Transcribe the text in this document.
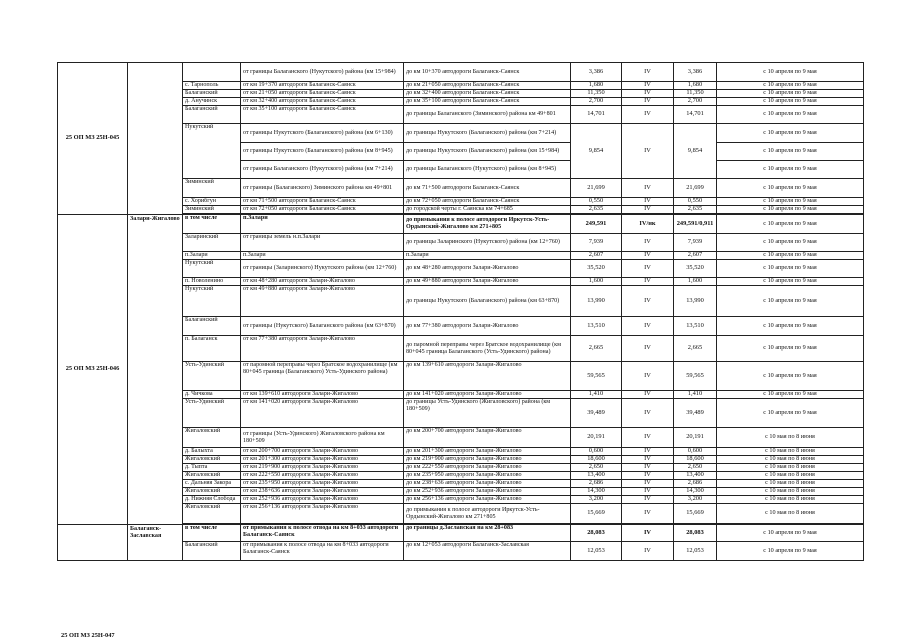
25 ОП МЗ 25Н-045			от границы Балаганского (Нукутского) района (км 15+984)	до км 10+370 автодороги Балаганск-Саянск	3,386	IV	3,386	с 10 апреля по 9 мая
		с. Тарнополь	от км 19+370 автодороги Балаганск-Саянск	до км 21+050 автодороги Балаганск-Саянск	1,680	IV	1,680	с 10 апреля по 9 мая
		Балаганский	от км 21+050 автодороги Балаганск-Саянск	до км 32+400 автодороги Балаганск-Саянск	11,350	IV	11,350	с 10 апреля по 9 мая
		д. Анучинск	от км 32+400 автодороги Балаганск-Саянск	до км 35+100 автодороги Балаганск-Саянск	2,700	IV	2,700	с 10 апреля по 9 мая
		Балаганский	от км 35+100 автодороги Балаганск-Саянск	до границы Балаганского (Зиминского) района км 49+801	14,701	IV	14,701	с 10 апреля по 9 мая
		Нукутский	от границы Нукутского (Балаганского) района (км 6+130)	до границы Нукутского (Балаганского) района (км 7+214)	9,854	IV	9,854	с 10 апреля по 9 мая
			от границы Нукутского (Балаганского) района (км 8+945)	до границы Нукутского (Балаганского) района (км 15+984)				с 10 апреля по 9 мая
			от границы Балаганского (Нукутского) района (км 7+214)	до границы Балаганского (Нукутского) района (км 8+945)				с 10 апреля по 9 мая
		Зиминский	от границы (Балаганского) Зиминского района км 49+801	до км 71+500 автодороги Балаганск-Саянск	21,699	IV	21,699	с 10 апреля по 9 мая
		с. Хорибгун	от км 71+500 автодороги Балаганск-Саянск	до км 72+050 автодороги Балаганск-Саянск	0,550	IV	0,550	с 10 апреля по 9 мая
		Зиминский	от км 72+050 автодороги Балаганск-Саянск	до городской черты г. Саянска км 74+685	2,635	IV	2,635	с 10 апреля по 9 мая

25 ОП МЗ 25Н-046	Залари-Жигалово	в том числе	п.Залари	до примыкания к полосе автодороги Иркутск-Усть-Ордынский-Жигалово км 271+805	249,591	IV/нк	249,591/0,911	с 10 апреля по 9 мая
		Заларинский	от границы земель н.п.Залари	до границы Заларинского (Нукутского) района (км 12+760)	7,939	IV	7,939	с 10 апреля по 9 мая
		п.Залари	п.Залари	п.Залари	2,607	IV	2,607	с 10 апреля по 9 мая
		Нукутский	от границы (Заларинского) Нукутского района (км 12+760)	до км 48+280 автодороги Залари-Жигалово	35,520	IV	35,520	с 10 апреля по 9 мая
		п. Новоленино	от км 48+280 автодороги Залари-Жигалово	до км 49+880 автодороги Залари-Жигалово	1,600	IV	1,600	с 10 апреля по 9 мая
		Нукутский	от км 49+880 автодороги Залари-Жигалово	до границы Нукутского (Балаганского) района (км 63+870)	13,990	IV	13,990	с 10 апреля по 9 мая
		Балаганский	от границы (Нукутского) Балаганского района (км 63+870)	до км 77+380 автодороги Залари-Жигалово	13,510	IV	13,510	с 10 апреля по 9 мая
		п. Балаганск	от км 77+380 автодороги Залари-Жигалово	до паромной переправы через Братское водохранилище (км 80+045 граница Балаганского (Усть-Удинского) района)	2,665	IV	2,665	с 10 апреля по 9 мая
		Усть-Удинский	от паромной переправы через Братское водохранилище (км 80+045 граница (Балаганского) Усть-Удинского района)	до км 139+610 автодороги Залари-Жигалово	59,565	IV	59,565	с 10 апреля по 9 мая
		д. Чичкова	от км 139+610 автодороги Залари-Жигалово	до км 141+020 автодороги Залари-Жигалово	1,410	IV	1,410	с 10 апреля по 9 мая
		Усть-Удинский	от км 141+020 автодороги Залари-Жигалово	до границы Усть-Удинского (Жигаловского) района (км 180+509)	39,489	IV	39,489	с 10 апреля по 9 мая
		Жигаловский	от границы (Усть-Удинского) Жигаловского района км 180+509	до км 200+700 автодороги Залари-Жигалово	20,191	IV	20,191	с 10 мая по 8 июня
		д. Балыхта	от км 200+700 автодороги Залари-Жигалово	до км 201+300 автодороги Залари-Жигалово	0,600	IV	0,600	с 10 мая по 8 июня
		Жигаловский	от км 201+300 автодороги Залари-Жигалово	до км 219+900 автодороги Залари-Жигалово	18,600	IV	18,600	с 10 мая по 8 июня
		д. Тыпта	от км 219+900 автодороги Залари-Жигалово	до км 222+550 автодороги Залари-Жигалово	2,650	IV	2,650	с 10 мая по 8 июня
		Жигаловский	от км 222+550 автодороги Залари-Жигалово	до км 235+950 автодороги Залари-Жигалово	13,400	IV	13,400	с 10 мая по 8 июня
		с. Дальняя Закора	от км 235+950 автодороги Залари-Жигалово	до км 238+636 автодороги Залари-Жигалово	2,686	IV	2,686	с 10 мая по 8 июня
		Жигаловский	от км 238+636 автодороги Залари-Жигалово	до км 252+936 автодороги Залари-Жигалово	14,300	IV	14,300	с 10 мая по 8 июня
		д. Нижняя Слобода	от км 252+936 автодороги Залари-Жигалово	до км 256+136 автодороги Залари-Жигалово	3,200	IV	3,200	с 10 мая по 8 июня
		Жигаловский	от км 256+136 автодороги Залари-Жигалово	до примыкания к полосе автодороги Иркутск-Усть-Ордынский-Жигалово км 271+805	15,669	IV	15,669	с 10 мая по 8 июня

	Балаганск-Заславская	в том числе	от примыкания к полосе отвода на км 8+033 автодороги Балаганск-Саянск	до границы д.Заславская на км 28+083	28,083	IV	28,083	с 10 апреля по 9 мая
		Балаганский	от примыкания к полосе отвода на км 8+033 автодороги Балаганск-Саянск	до км 12+053 автодороги Балаганск-Заславская	12,053	IV	12,053	с 10 апреля по 9 мая
25 ОП МЗ 25Н-047
